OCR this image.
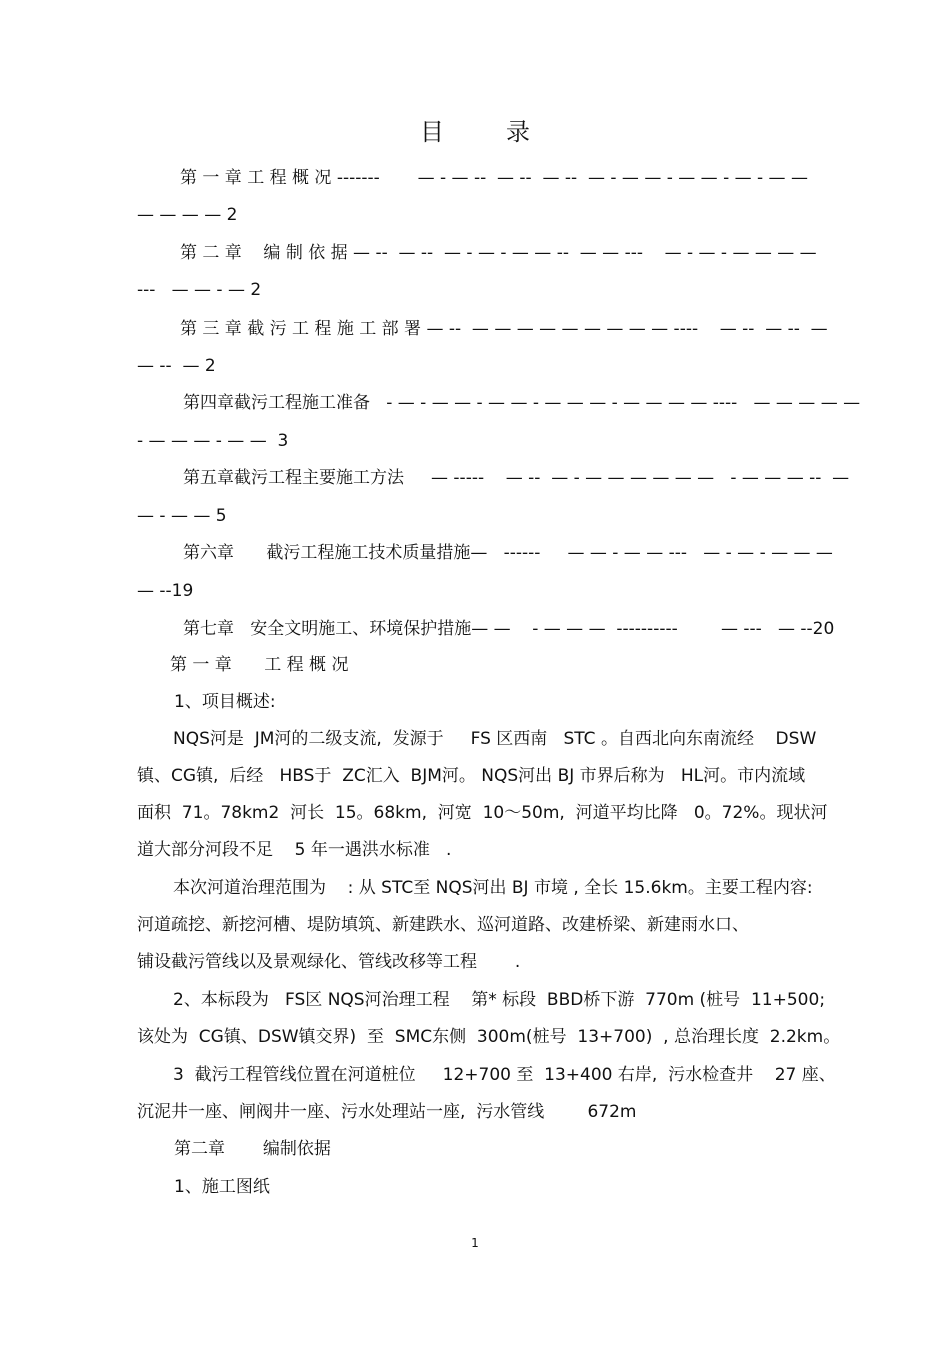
目录
第 一 章 工 程 概 况 -------       — - — --  — --  — --  — - — — - — — - — - — —
— — — — 2
第 二 章    编 制 依 据 — --  — --  — - — - — — --  — — ---    — - — - — — — —
---   — — - — 2
第 三 章 截 污 工 程 施 工 部 署 — --  — — — — — — — — — ----    — --  — --  —
— --  — 2
第四章截污工程施工准备   - — - — — - — — - — — — - — — — — ----   — — — — —
- — — — - — —  3
第五章截污工程主要施工方法     — -----    — --  — - — — — — — —   - — — — --  —
— - — — 5
第六章      截污工程施工技术质量措施—   ------     — — - — — ---   — - — - — — —
— --19
第七章   安全文明施工、环境保护措施— —    - — — —  ----------        — ---   — --20
第 一 章      工 程 概 况
1、项目概述:
NQS河是  JM河的二级支流,  发源于     FS 区西南   STC 。自西北向东南流经    DSW
镇、CG镇,  后经   HBS于  ZC汇入  BJM河。 NQS河出 BJ 市界后称为   HL河。市内流域
面积  71。78km2  河长  15。68km,  河宽  10～50m,  河道平均比降   0。72%。现状河
道大部分河段不足    5 年一遇洪水标准   .
本次河道治理范围为    : 从 STC至 NQS河出 BJ 市境 , 全长 15.6km。主要工程内容:
河道疏挖、新挖河槽、堤防填筑、新建跌水、巡河道路、改建桥梁、新建雨水口、
铺设截污管线以及景观绿化、管线改移等工程       .
2、本标段为   FS区 NQS河治理工程    第* 标段  BBD桥下游  770m (桩号  11+500;
该处为  CG镇、DSW镇交界)  至  SMC东侧  300m(桩号  13+700)  , 总治理长度  2.2km。
3  截污工程管线位置在河道桩位     12+700 至  13+400 右岸,  污水检查井    27 座、
沉泥井一座、闸阀井一座、污水处理站一座,  污水管线        672m
第二章       编制依据
1、施工图纸
1
